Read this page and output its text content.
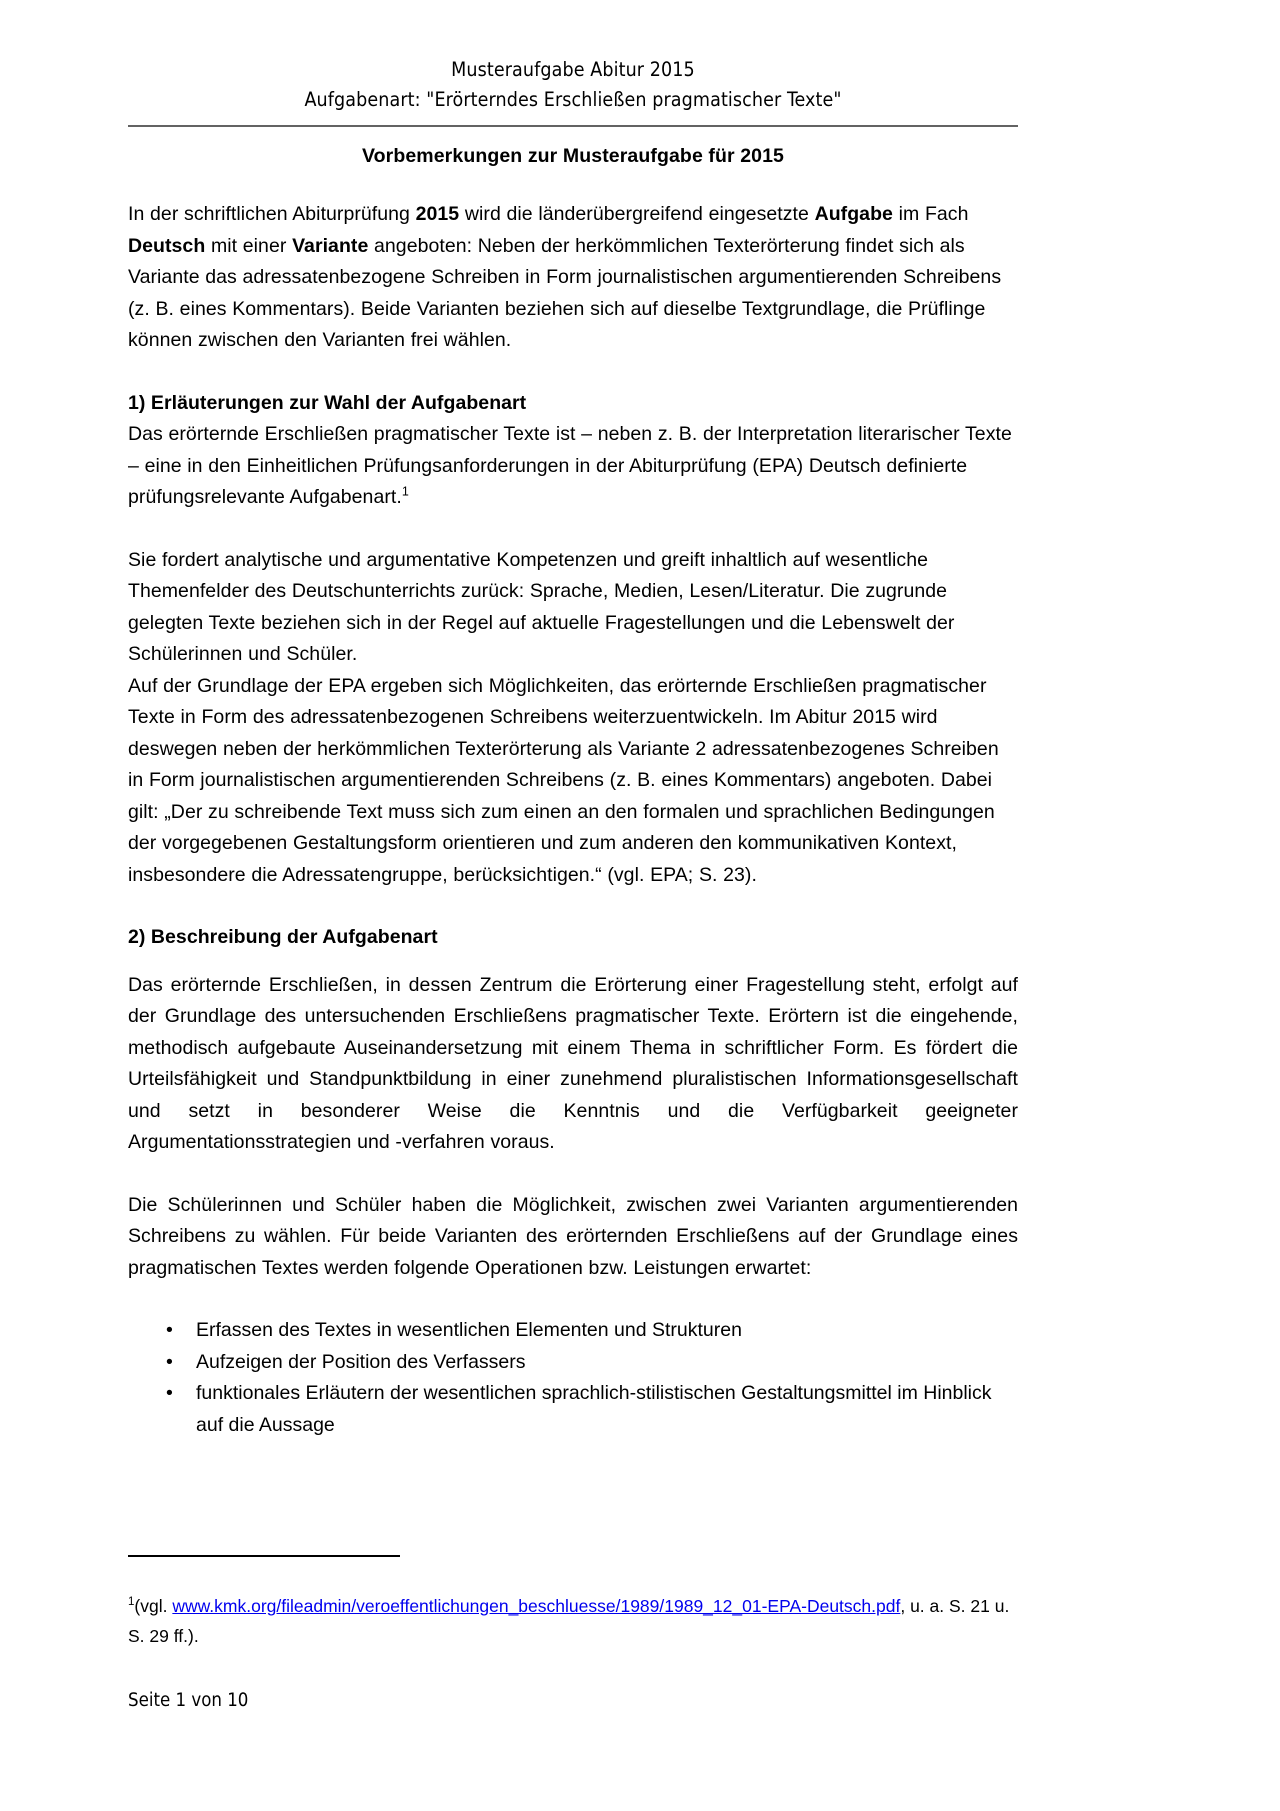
Musteraufgabe Abitur 2015
Aufgabenart: "Erörterndes Erschließen pragmatischer Texte"
Vorbemerkungen zur Musteraufgabe für 2015

In der schriftlichen Abiturprüfung 2015 wird die länderübergreifend eingesetzte Aufgabe im Fach Deutsch mit einer Variante angeboten: Neben der herkömmlichen Texterörterung findet sich als Variante das adressatenbezogene Schreiben in Form journalistischen argumentierenden Schreibens (z. B. eines Kommentars). Beide Varianten beziehen sich auf dieselbe Textgrundlage, die Prüflinge können zwischen den Varianten frei wählen.

1) Erläuterungen zur Wahl der Aufgabenart

Das erörternde Erschließen pragmatischer Texte ist – neben z. B. der Interpretation literarischer Texte – eine in den Einheitlichen Prüfungsanforderungen in der Abiturprüfung (EPA) Deutsch definierte prüfungsrelevante Aufgabenart.$^1$

Sie fordert analytische und argumentative Kompetenzen und greift inhaltlich auf wesentliche Themenfelder des Deutschunterrichts zurück: Sprache, Medien, Lesen/Literatur. Die zugrunde gelegten Texte beziehen sich in der Regel auf aktuelle Fragestellungen und die Lebenswelt der Schülerinnen und Schüler.

Auf der Grundlage der EPA ergeben sich Möglichkeiten, das erörternde Erschließen pragmatischer Texte in Form des adressatenbezogenen Schreibens weiterzuentwickeln. Im Abitur 2015 wird deswegen neben der herkömmlichen Texterörterung als Variante 2 adressatenbezogenes Schreiben in Form journalistischen argumentierenden Schreibens (z. B. eines Kommentars) angeboten. Dabei gilt: „Der zu schreibende Text muss sich zum einen an den formalen und sprachlichen Bedingungen der vorgegebenen Gestaltungsform orientieren und zum anderen den kommunikativen Kontext, insbesondere die Adressatengruppe, berücksichtigen.“ (vgl. EPA; S. 23).

2) Beschreibung der Aufgabenart

Das erörternde Erschließen, in dessen Zentrum die Erörterung einer Fragestellung steht, erfolgt auf der Grundlage des untersuchenden Erschließens pragmatischer Texte. Erörtern ist die eingehende, methodisch aufgebaute Auseinandersetzung mit einem Thema in schriftlicher Form. Es fördert die Urteilsfähigkeit und Standpunktbildung in einer zunehmend pluralistischen Informationsgesellschaft und setzt in besonderer Weise die Kenntnis und die Verfügbarkeit geeigneter Argumentationsstrategien und -verfahren voraus.

Die Schülerinnen und Schüler haben die Möglichkeit, zwischen zwei Varianten argumentierenden Schreibens zu wählen. Für beide Varianten des erörternden Erschließens auf der Grundlage eines pragmatischen Textes werden folgende Operationen bzw. Leistungen erwartet:

• Erfassen des Textes in wesentlichen Elementen und Strukturen
• Aufzeigen der Position des Verfassers
• funktionales Erläutern der wesentlichen sprachlich-stilistischen Gestaltungsmittel im Hinblick auf die Aussage
$^1$(vgl. www.kmk.org/fileadmin/veroeffentlichungen_beschluesse/1989/1989_12_01-EPA-Deutsch.pdf, u. a. S. 21 u. S. 29 ff.).
Seite 1 von 10
